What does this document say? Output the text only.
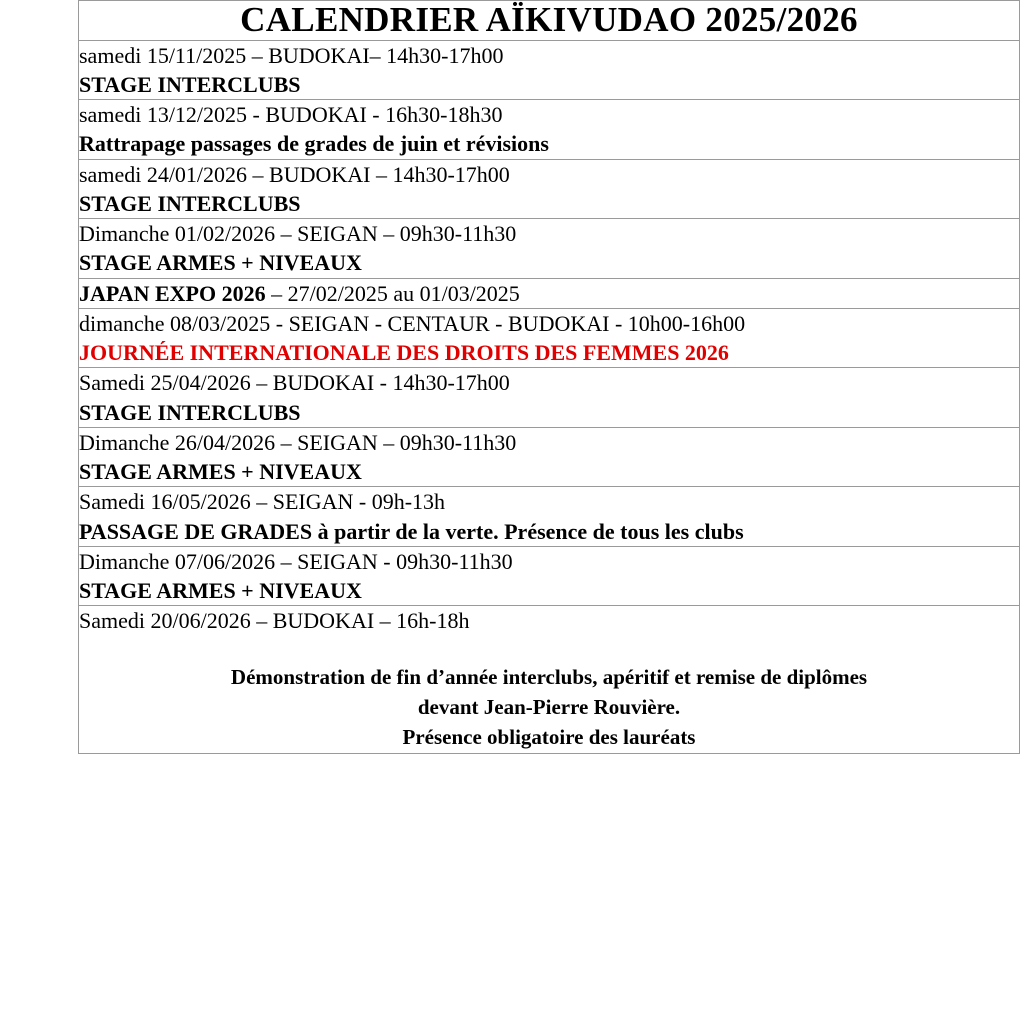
CALENDRIER AÏKIVUDAO 2025/2026

samedi 15/11/2025 – BUDOKAI– 14h30-17h00
STAGE INTERCLUBS

samedi 13/12/2025 - BUDOKAI - 16h30-18h30
Rattrapage passages de grades de juin et révisions

samedi 24/01/2026 – BUDOKAI – 14h30-17h00
STAGE INTERCLUBS

Dimanche 01/02/2026 – SEIGAN – 09h30-11h30
STAGE ARMES + NIVEAUX

JAPAN EXPO 2026 – 27/02/2025 au 01/03/2025

dimanche 08/03/2025 - SEIGAN - CENTAUR - BUDOKAI - 10h00-16h00
JOURNÉE INTERNATIONALE DES DROITS DES FEMMES 2026

Samedi 25/04/2026 – BUDOKAI - 14h30-17h00
STAGE INTERCLUBS

Dimanche 26/04/2026 – SEIGAN – 09h30-11h30
STAGE ARMES + NIVEAUX

Samedi 16/05/2026 – SEIGAN - 09h-13h
PASSAGE DE GRADES à partir de la verte. Présence de tous les clubs

Dimanche 07/06/2026 – SEIGAN - 09h30-11h30
STAGE ARMES + NIVEAUX

Samedi 20/06/2026 – BUDOKAI – 16h-18h
Démonstration de fin d’année interclubs, apéritif et remise de diplômes
devant Jean-Pierre Rouvière.
Présence obligatoire des lauréats
